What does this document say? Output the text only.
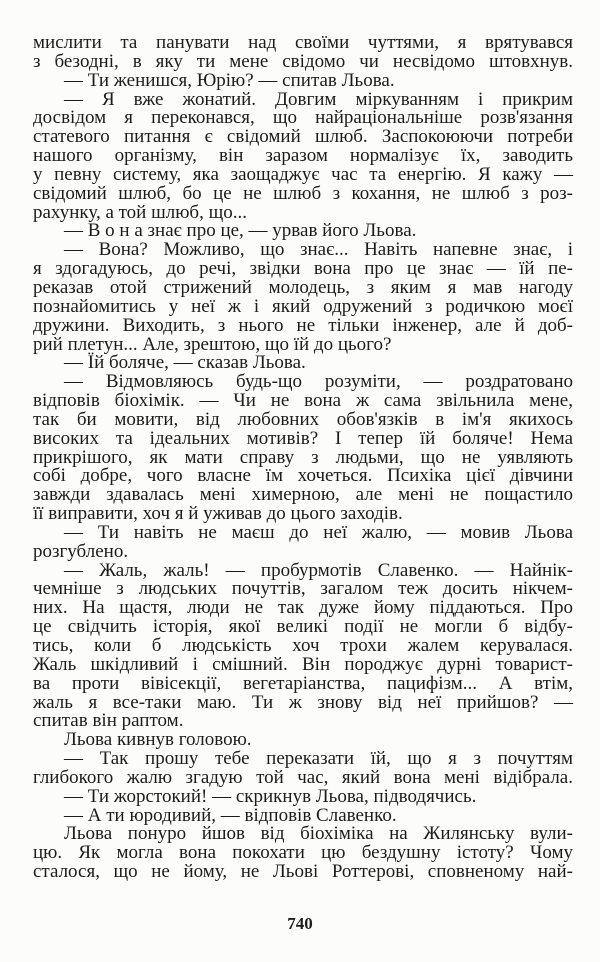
мислити та панувати над своїми чуттями, я врятувався
з безодні, в яку ти мене свідомо чи несвідомо штовхнув.
— Ти женишся, Юрію? — спитав Льова.
— Я вже жонатий. Довгим міркуванням і прикрим
досвідом я переконався, що найраціональніше розв'язання
статевого питання є свідомий шлюб. Заспокоюючи потреби
нашого організму, він заразом нормалізує їх, заводить
у певну систему, яка заощаджує час та енергію. Я кажу —
свідомий шлюб, бо це не шлюб з кохання, не шлюб з роз-
рахунку, а той шлюб, що...
— В о н а знає про це, — урвав його Льова.
— Вона? Можливо, що знає... Навіть напевне знає, і
я здогадуюсь, до речі, звідки вона про це знає — їй пе-
реказав отой стрижений молодець, з яким я мав нагоду
познайомитись у неї ж і який одружений з родичкою моєї
дружини. Виходить, з нього не тільки інженер, але й доб-
рий плетун... Але, зрештою, що їй до цього?
— Їй боляче, — сказав Льова.
— Відмовляюсь будь-що розуміти, — роздратовано
відповів біохімік. — Чи не вона ж сама звільнила мене,
так би мовити, від любовних обов'язків в ім'я якихось
високих та ідеальних мотивів? І тепер їй боляче! Нема
прикрішого, як мати справу з людьми, що не уявляють
собі добре, чого власне їм хочеться. Психіка цієї дівчини
завжди здавалась мені химерною, але мені не пощастило
її виправити, хоч я й уживав до цього заходів.
— Ти навіть не маєш до неї жалю, — мовив Льова
розгублено.
— Жаль, жаль! — пробурмотів Славенко. — Найнік-
чемніше з людських почуттів, загалом теж досить нікчем-
них. На щастя, люди не так дуже йому піддаються. Про
це свідчить історія, якої великі події не могли б відбу-
тись, коли б людськість хоч трохи жалем керувалася.
Жаль шкідливий і смішний. Він породжує дурні товарист-
ва проти вівісекції, вегетаріанства, пацифізм... А втім,
жаль я все-таки маю. Ти ж знову від неї прийшов? —
спитав він раптом.
Льова кивнув головою.
— Так прошу тебе переказати їй, що я з почуттям
глибокого жалю згадую той час, який вона мені відібрала.
— Ти жорстокий! — скрикнув Льова, підводячись.
— А ти юродивий, — відповів Славенко.
Льова понуро йшов від біохіміка на Жилянську вули-
цю. Як могла вона покохати цю бездушну істоту? Чому
сталося, що не йому, не Льові Роттерові, сповненому най-
740
